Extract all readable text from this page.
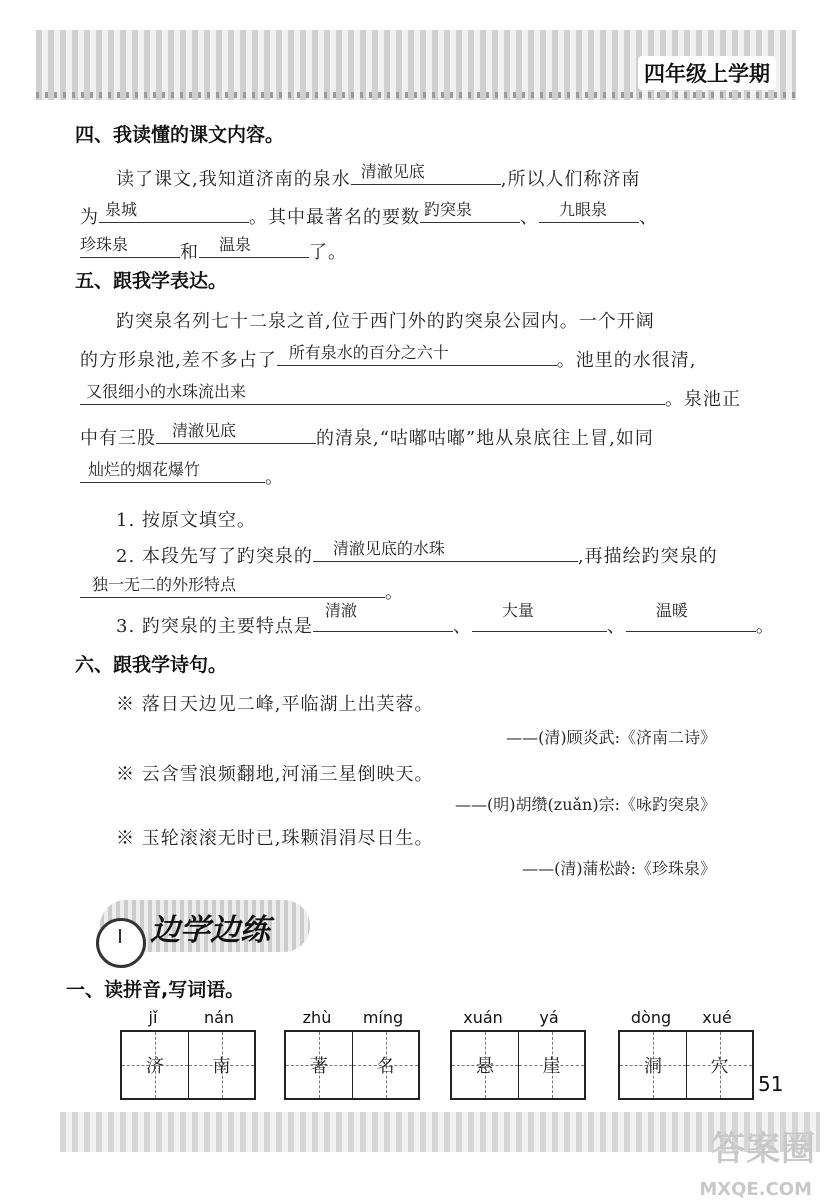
四年级上学期
四、我读懂的课文内容。
读了课文,我知道济南的泉水 清澈见底	,所以人们称济南
为 泉城	。其中最著名的要数 趵突泉	、 九眼泉	、
珍珠泉	和 温泉	了。
五、跟我学表达。
趵突泉名列七十二泉之首,位于西门外的趵突泉公园内。一个开阔
的方形泉池,差不多占了 所有泉水的百分之六十	。池里的水很清,
又很细小的水珠流出来	。泉池正
中有三股 清澈见底	的清泉,“咕嘟咕嘟”地从泉底往上冒,如同
灿烂的烟花爆竹	。
1. 按原文填空。
2. 本段先写了趵突泉的 清澈见底的水珠	,再描绘趵突泉的
独一无二的外形特点	。
3. 趵突泉的主要特点是
清澈
、
大量
、
温暖
。
六、跟我学诗句。
※ 落日天边见二峰,平临湖上出芙蓉。
——(清)顾炎武:《济南二诗》
※ 云含雪浪频翻地,河涌三星倒映天。
——(明)胡缵(zuǎn)宗:《咏趵突泉》
※ 玉轮滚滚无时已,珠颗涓涓尽日生。
——(清)蒲松龄:《珍珠泉》
边学边练
一、读拼音,写词语。
jǐ	nán
济	南
zhù	míng
著	名
xuán	yá
悬	崖
dòng	xué
洞	穴
51
答案圈
MXQE.COM
